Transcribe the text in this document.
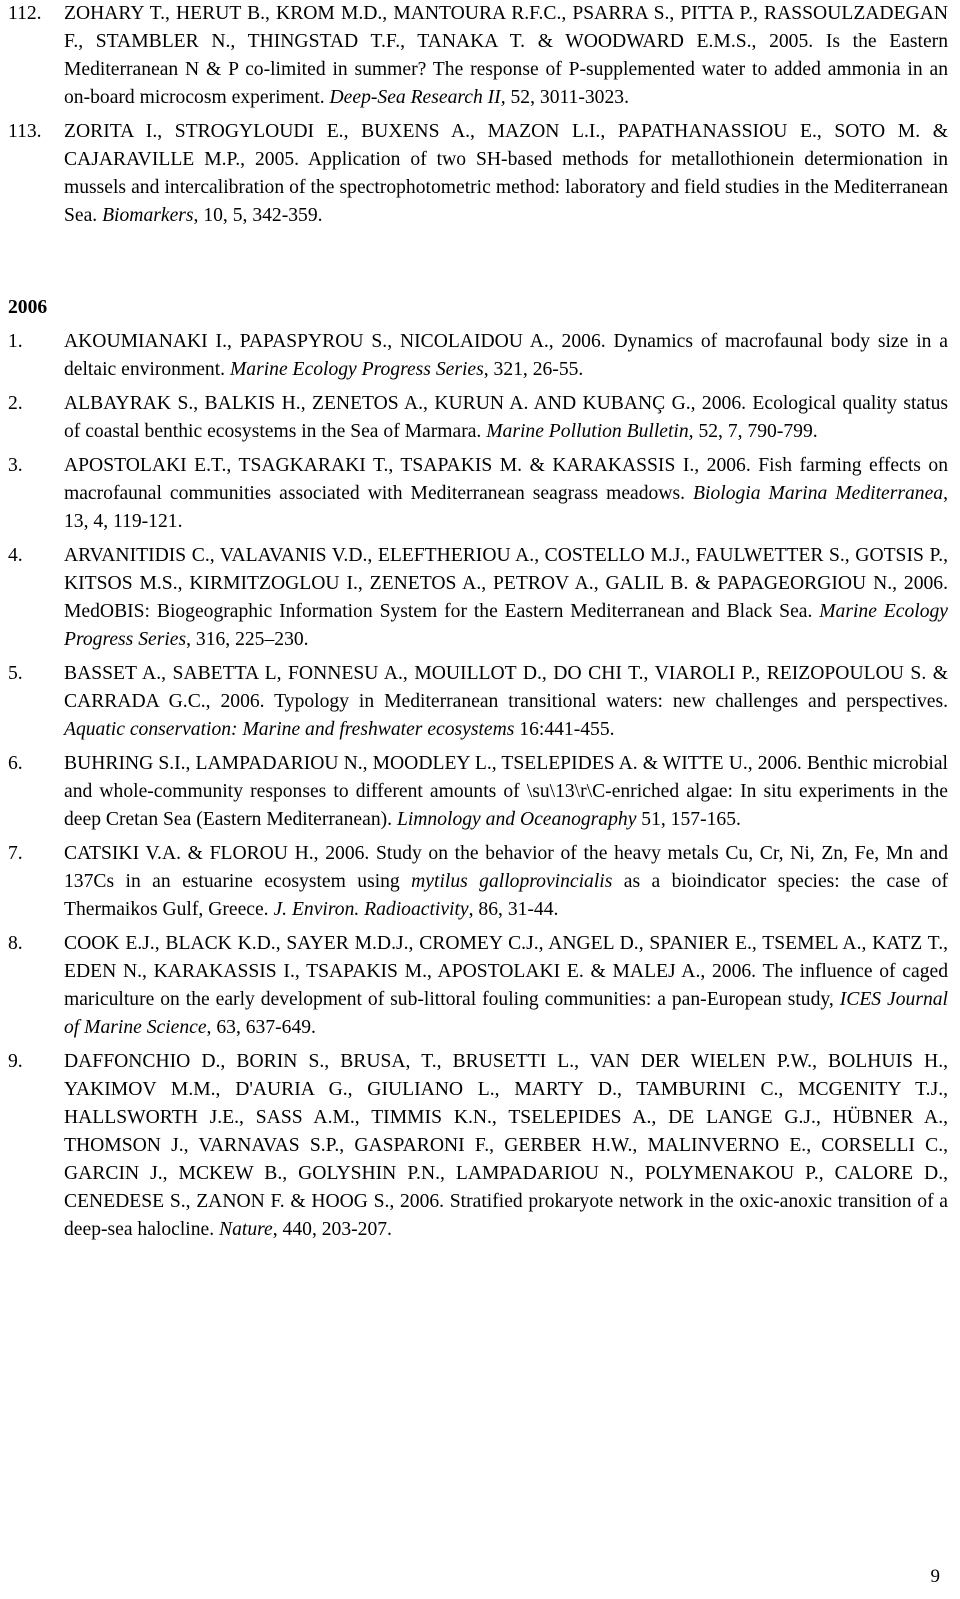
112. ZOHARY T., HERUT B., KROM M.D., MANTOURA R.F.C., PSARRA S., PITTA P., RASSOULZADEGAN F., STAMBLER N., THINGSTAD T.F., TANAKA T. & WOODWARD E.M.S., 2005. Is the Eastern Mediterranean N & P co-limited in summer? The response of P-supplemented water to added ammonia in an on-board microcosm experiment. Deep-Sea Research II, 52, 3011-3023.

113. ZORITA I., STROGYLOUDI E., BUXENS A., MAZON L.I., PAPATHANASSIOU E., SOTO M. & CAJARAVILLE M.P., 2005. Application of two SH-based methods for metallothionein determionation in mussels and intercalibration of the spectrophotometric method: laboratory and field studies in the Mediterranean Sea. Biomarkers, 10, 5, 342-359.

2006

1. AKOUMIANAKI I., PAPASPYROU S., NICOLAIDOU A., 2006. Dynamics of macrofaunal body size in a deltaic environment. Marine Ecology Progress Series, 321, 26-55.

2. ALBAYRAK S., BALKIS H., ZENETOS A., KURUN A. AND KUBANÇ G., 2006. Ecological quality status of coastal benthic ecosystems in the Sea of Marmara. Marine Pollution Bulletin, 52, 7, 790-799.

3. APOSTOLAKI E.T., TSAGKARAKI T., TSAPAKIS M. & KARAKASSIS I., 2006. Fish farming effects on macrofaunal communities associated with Mediterranean seagrass meadows. Biologia Marina Mediterranea, 13, 4, 119-121.

4. ARVANITIDIS C., VALAVANIS V.D., ELEFTHERIOU A., COSTELLO M.J., FAULWETTER S., GOTSIS P., KITSOS M.S., KIRMITZOGLOU I., ZENETOS A., PETROV A., GALIL B. & PAPAGEORGIOU N., 2006. MedOBIS: Biogeographic Information System for the Eastern Mediterranean and Black Sea. Marine Ecology Progress Series, 316, 225–230.

5. BASSET A., SABETTA L, FONNESU A., MOUILLOT D., DO CHI T., VIAROLI P., REIZOPOULOU S. & CARRADA G.C., 2006. Typology in Mediterranean transitional waters: new challenges and perspectives. Aquatic conservation: Marine and freshwater ecosystems 16:441-455.

6. BUHRING S.I., LAMPADARIOU N., MOODLEY L., TSELEPIDES A. & WITTE U., 2006. Benthic microbial and whole-community responses to different amounts of \su\13\r\C-enriched algae: In situ experiments in the deep Cretan Sea (Eastern Mediterranean). Limnology and Oceanography 51, 157-165.

7. CATSIKI V.A. & FLOROU H., 2006. Study on the behavior of the heavy metals Cu, Cr, Ni, Zn, Fe, Mn and 137Cs in an estuarine ecosystem using mytilus galloprovincialis as a bioindicator species: the case of Thermaikos Gulf, Greece. J. Environ. Radioactivity, 86, 31-44.

8. COOK E.J., BLACK K.D., SAYER M.D.J., CROMEY C.J., ANGEL D., SPANIER E., TSEMEL A., KATZ T., EDEN N., KARAKASSIS I., TSAPAKIS M., APOSTOLAKI E. & MALEJ A., 2006. The influence of caged mariculture on the early development of sub-littoral fouling communities: a pan-European study, ICES Journal of Marine Science, 63, 637-649.

9. DAFFONCHIO D., BORIN S., BRUSA, T., BRUSETTI L., VAN DER WIELEN P.W., BOLHUIS H., YAKIMOV M.M., D'AURIA G., GIULIANO L., MARTY D., TAMBURINI C., MCGENITY T.J., HALLSWORTH J.E., SASS A.M., TIMMIS K.N., TSELEPIDES A., DE LANGE G.J., HÜBNER A., THOMSON J., VARNAVAS S.P., GASPARONI F., GERBER H.W., MALINVERNO E., CORSELLI C., GARCIN J., MCKEW B., GOLYSHIN P.N., LAMPADARIOU N., POLYMENAKOU P., CALORE D., CENEDESE S., ZANON F. & HOOG S., 2006. Stratified prokaryote network in the oxic-anoxic transition of a deep-sea halocline. Nature, 440, 203-207.

9
